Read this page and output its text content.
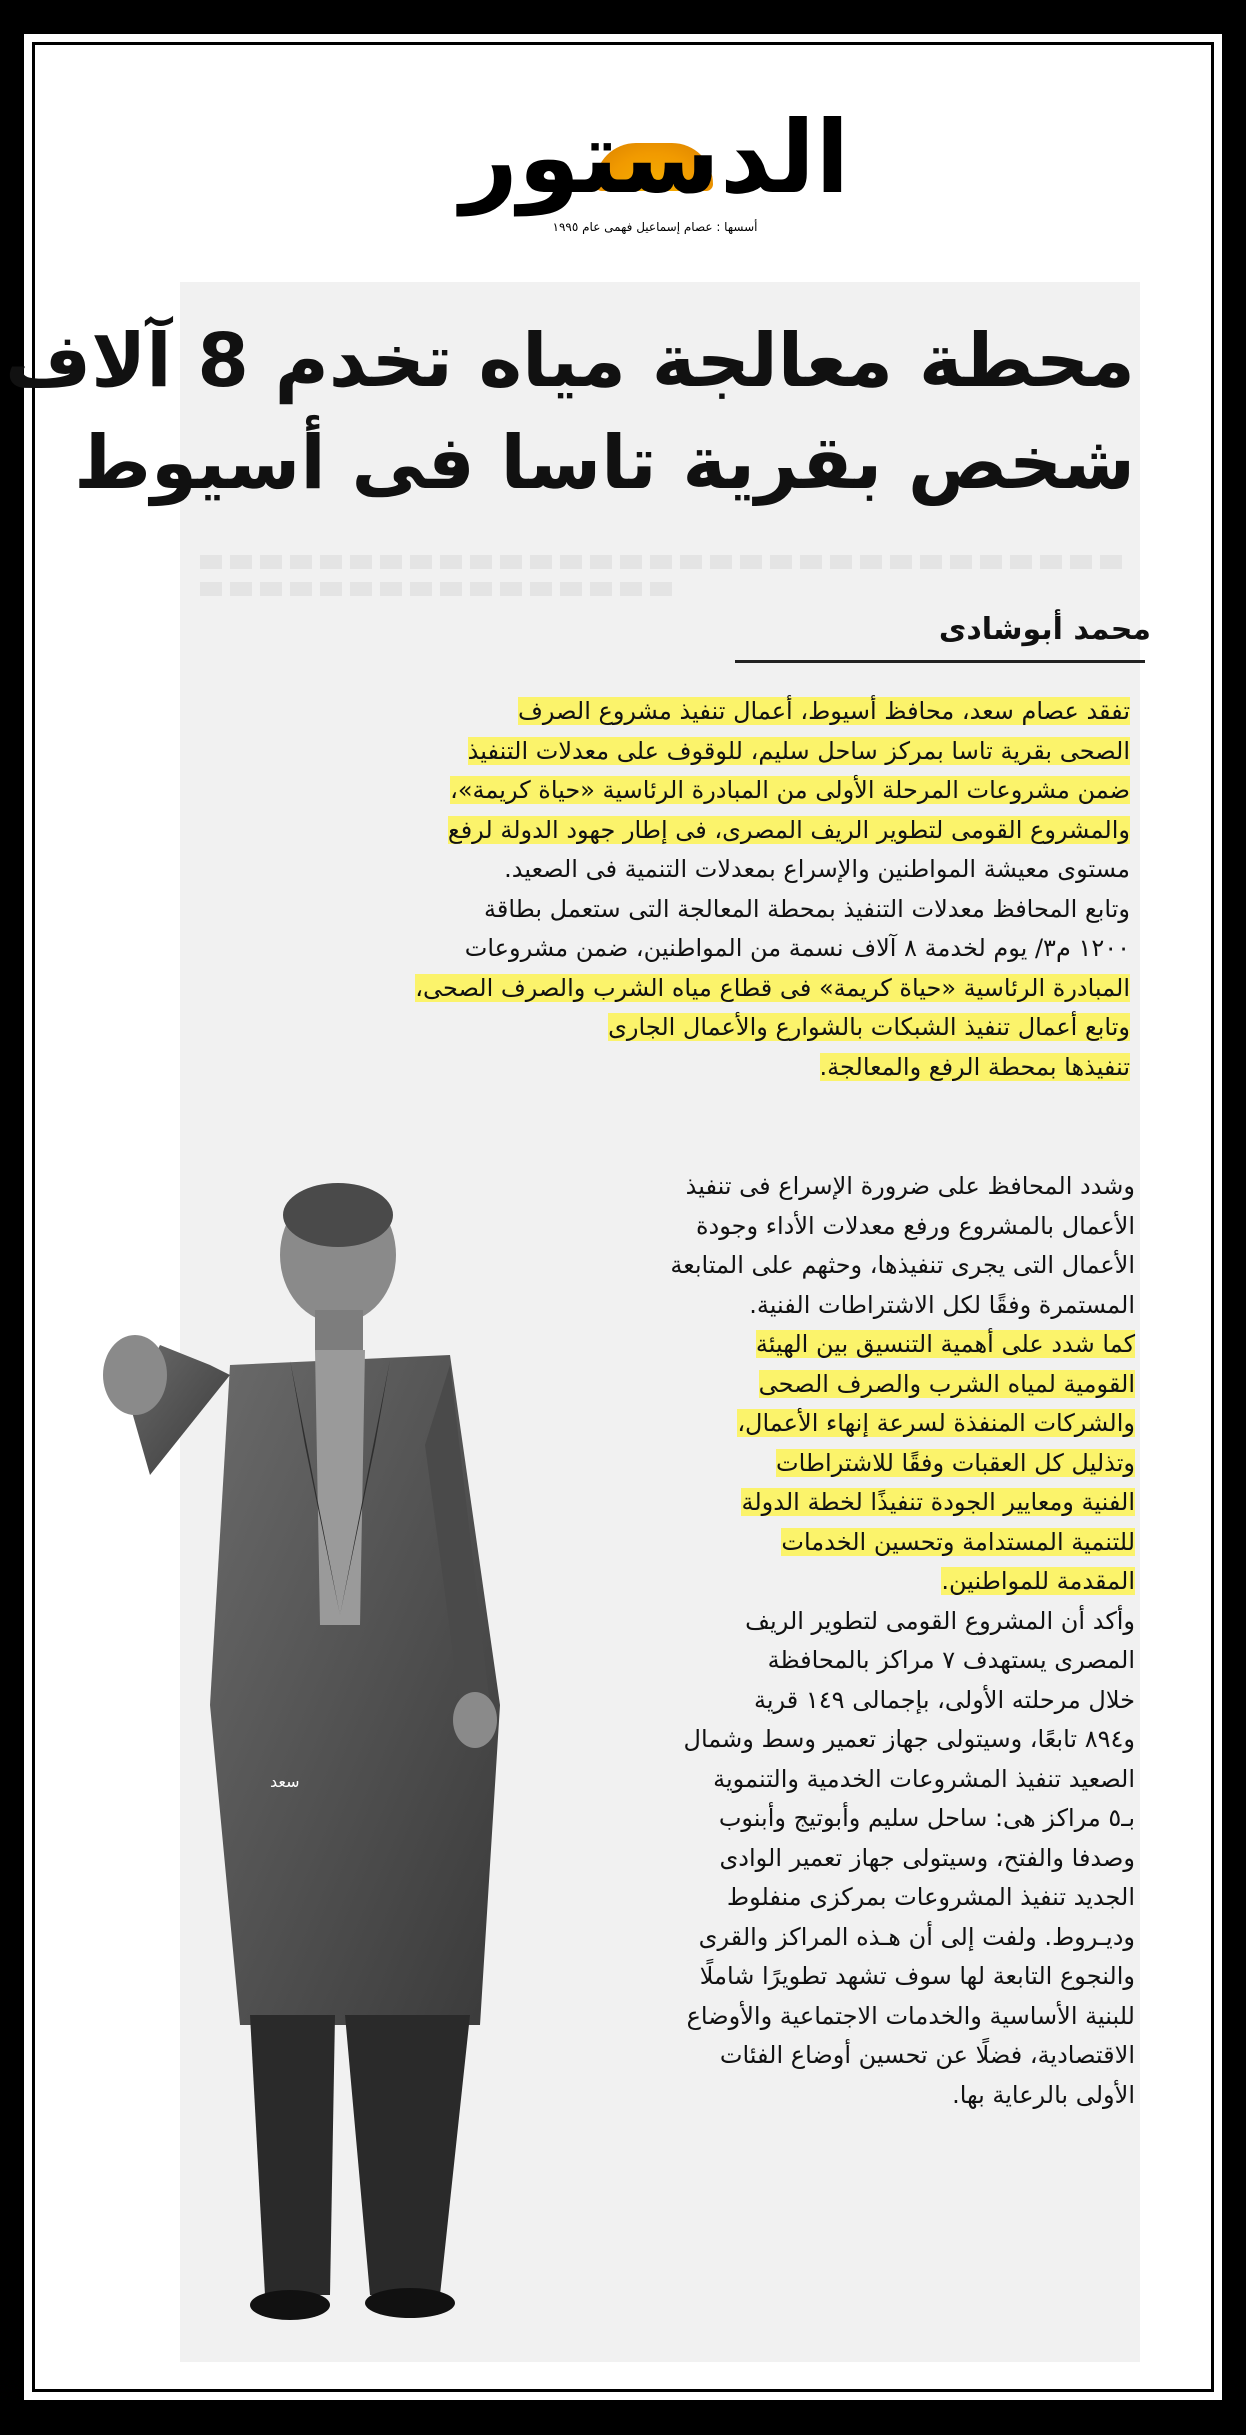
الدستور
أسسها : عصام إسماعيل فهمى عام ١٩٩٥
محطة معالجة مياه تخدم 8 آلاف
شخص بقرية تاسا فى أسيوط
محمد أبوشادى
تفقد عصام سعد، محافظ أسيوط، أعمال تنفيذ مشروع الصرف
الصحى بقرية تاسا بمركز ساحل سليم، للوقوف على معدلات التنفيذ
ضمن مشروعات المرحلة الأولى من المبادرة الرئاسية «حياة كريمة»،
والمشروع القومى لتطوير الريف المصرى، فى إطار جهود الدولة لرفع
مستوى معيشة المواطنين والإسراع بمعدلات التنمية فى الصعيد.
وتابع المحافظ معدلات التنفيذ بمحطة المعالجة التى ستعمل بطاقة
١٢٠٠ م٣/ يوم لخدمة ٨ آلاف نسمة من المواطنين، ضمن مشروعات
المبادرة الرئاسية «حياة كريمة» فى قطاع مياه الشرب والصرف الصحى،
وتابع أعمال تنفيذ الشبكات بالشوارع والأعمال الجارى
تنفيذها بمحطة الرفع والمعالجة.
سعد
وشدد المحافظ على ضرورة الإسراع فى تنفيذ
الأعمال بالمشروع ورفع معدلات الأداء وجودة
الأعمال التى يجرى تنفيذها، وحثهم على المتابعة
المستمرة وفقًا لكل الاشتراطات الفنية.
كما شدد على أهمية التنسيق بين الهيئة
القومية لمياه الشرب والصرف الصحى
والشركات المنفذة لسرعة إنهاء الأعمال،
وتذليل كل العقبات وفقًا للاشتراطات
الفنية ومعايير الجودة تنفيذًا لخطة الدولة
للتنمية المستدامة وتحسين الخدمات
المقدمة للمواطنين.
وأكد أن المشروع القومى لتطوير الريف
المصرى يستهدف ٧ مراكز بالمحافظة
خلال مرحلته الأولى، بإجمالى ١٤٩ قرية
و٨٩٤ تابعًا، وسيتولى جهاز تعمير وسط وشمال
الصعيد تنفيذ المشروعات الخدمية والتنموية
بـ٥ مراكز هى: ساحل سليم وأبوتيج وأبنوب
وصدفا والفتح، وسيتولى جهاز تعمير الوادى
الجديد تنفيذ المشروعات بمركزى منفلوط
وديـروط. ولفت إلى أن هـذه المراكز والقرى
والنجوع التابعة لها سوف تشهد تطويرًا شاملًا
للبنية الأساسية والخدمات الاجتماعية والأوضاع
الاقتصادية، فضلًا عن تحسين أوضاع الفئات
الأولى بالرعاية بها.
